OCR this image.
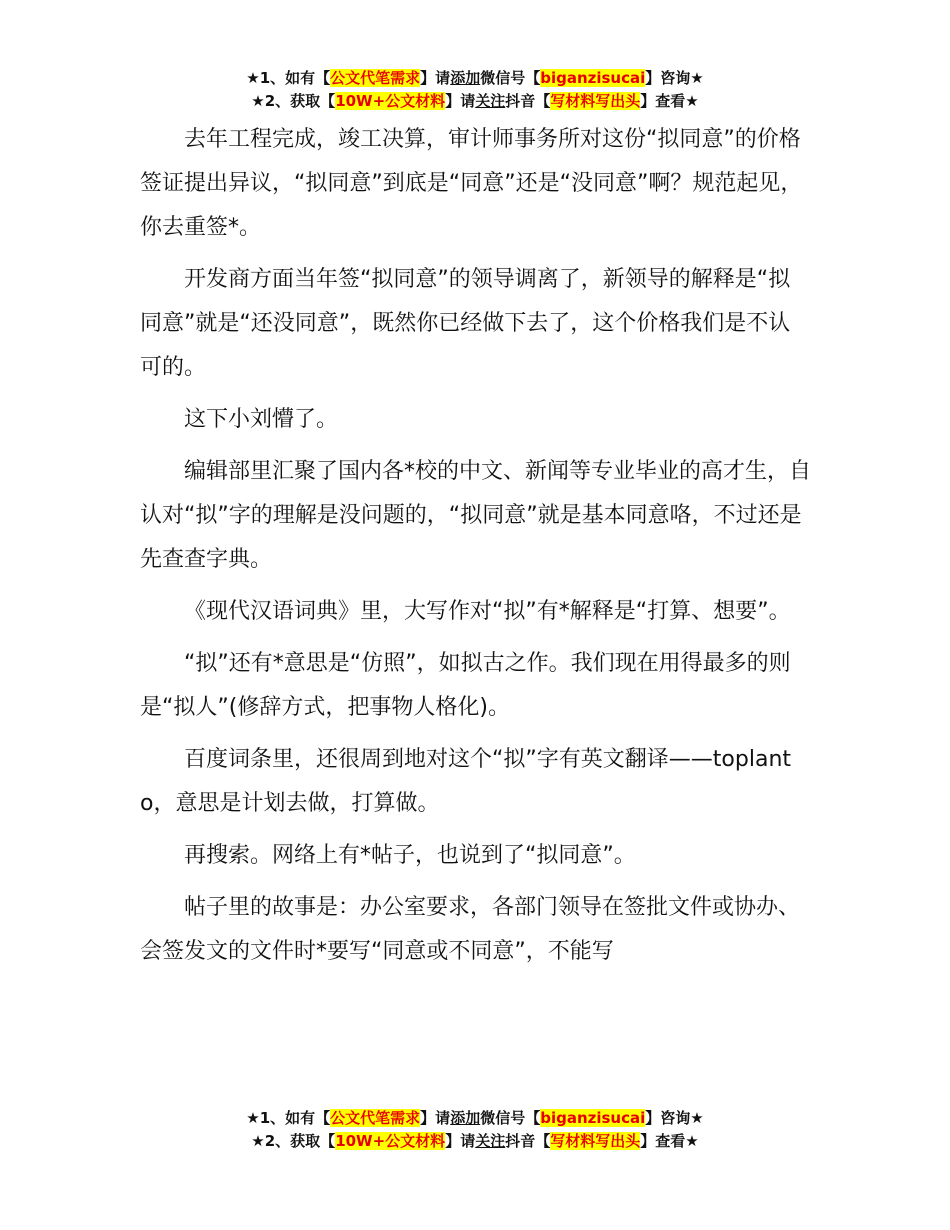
★1、如有【公文代笔需求】请添加微信号【biganzisucai】咨询★
★2、获取【10W+公文材料】请关注抖音【写材料写出头】查看★

去年工程完成，竣工决算，审计师事务所对这份“拟同意”的价格签证提出异议，“拟同意”到底是“同意”还是“没同意”啊？规范起见，你去重签*。

开发商方面当年签“拟同意”的领导调离了，新领导的解释是“拟同意”就是“还没同意”，既然你已经做下去了，这个价格我们是不认可的。

这下小刘懵了。

编辑部里汇聚了国内各*校的中文、新闻等专业毕业的高才生，自认对“拟”字的理解是没问题的，“拟同意”就是基本同意咯，不过还是先查查字典。

《现代汉语词典》里，大写作对“拟”有*解释是“打算、想要”。

“拟”还有*意思是“仿照”，如拟古之作。我们现在用得最多的则是“拟人”(修辞方式，把事物人格化)。

百度词条里，还很周到地对这个“拟”字有英文翻译——toplanto，意思是计划去做，打算做。

再搜索。网络上有*帖子，也说到了“拟同意”。

帖子里的故事是：办公室要求，各部门领导在签批文件或协办、会签发文的文件时*要写“同意或不同意”，不能写

★1、如有【公文代笔需求】请添加微信号【biganzisucai】咨询★
★2、获取【10W+公文材料】请关注抖音【写材料写出头】查看★
